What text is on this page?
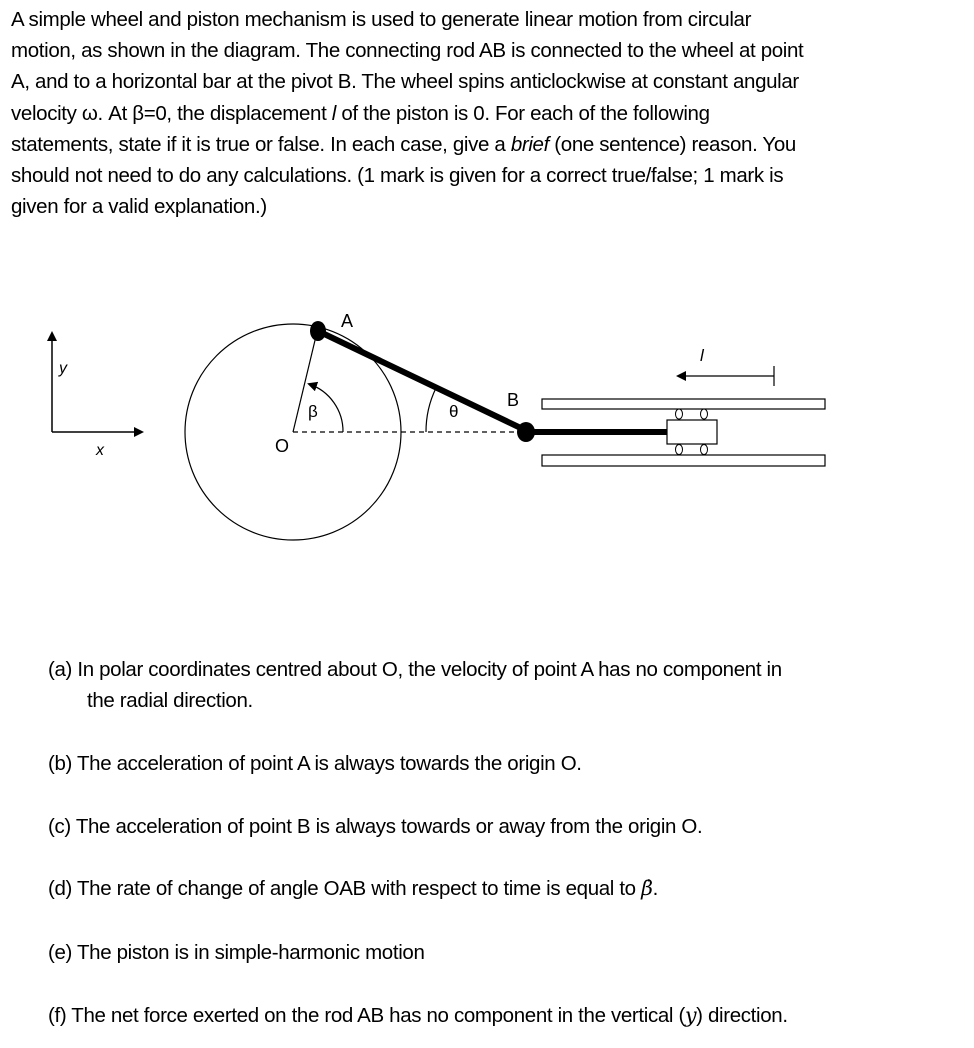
A simple wheel and piston mechanism is used to generate linear motion from circular
motion, as shown in the diagram. The connecting rod AB is connected to the wheel at point
A, and to a horizontal bar at the pivot B. The wheel spins anticlockwise at constant angular
velocity ω. At β=0, the displacement l of the piston is 0. For each of the following
statements, state if it is true or false. In each case, give a brief (one sentence) reason. You
should not need to do any calculations. (1 mark is given for a correct true/false; 1 mark is
given for a valid explanation.)
y
x	O
A
B
β	θ
l
(a) In polar coordinates centred about O, the velocity of point A has no component in
the radial direction.
(b) The acceleration of point A is always towards the origin O.
(c) The acceleration of point B is always towards or away from the origin O.
(d) The rate of change of angle OAB with respect to time is equal to β̇.
(e) The piston is in simple-harmonic motion
(f) The net force exerted on the rod AB has no component in the vertical (y) direction.
